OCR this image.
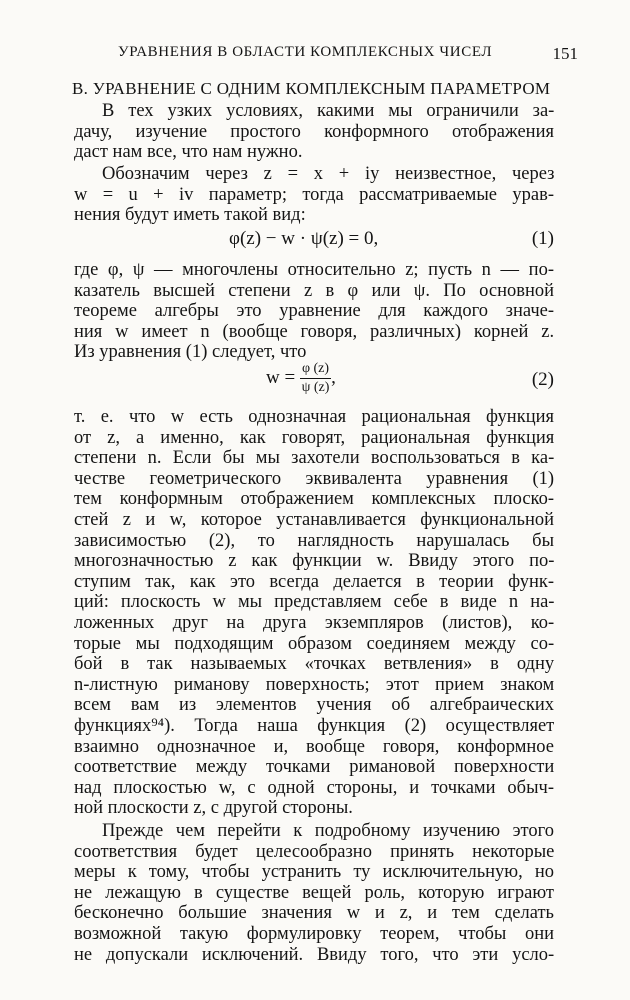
УРАВНЕНИЯ В ОБЛАСТИ КОМПЛЕКСНЫХ ЧИСЕЛ	151
B. УРАВНЕНИЕ С ОДНИМ КОМПЛЕКСНЫМ ПАРАМЕТРОМ
В тех узких условиях, какими мы ограничили за-
дачу, изучение простого конформного отображения
даст нам все, что нам нужно.
Обозначим через z = x + iy неизвестное, через
w = u + iv параметр; тогда рассматриваемые урав-
нения будут иметь такой вид:
φ(z) − w · ψ(z) = 0,	(1)
где φ, ψ — многочлены относительно z; пусть n — по-
казатель высшей степени z в φ или ψ. По основной
теореме алгебры это уравнение для каждого значе-
ния w имеет n (вообще говоря, различных) корней z.
Из уравнения (1) следует, что
$w = \frac{\varphi (z)}{\psi (z)}$ ,	(2)
т. е. что w есть однозначная рациональная функция
от z, а именно, как говорят, рациональная функция
степени n. Если бы мы захотели воспользоваться в ка-
честве геометрического эквивалента уравнения (1)
тем конформным отображением комплексных плоско-
стей z и w, которое устанавливается функциональной
зависимостью (2), то наглядность нарушалась бы
многозначностью z как функции w. Ввиду этого по-
ступим так, как это всегда делается в теории функ-
ций: плоскость w мы представляем себе в виде n на-
ложенных друг на друга экземпляров (листов), ко-
торые мы подходящим образом соединяем между со-
бой в так называемых «точках ветвления» в одну
n-листную риманову поверхность; этот прием знаком
всем вам из элементов учения об алгебраических
функциях⁹⁴). Тогда наша функция (2) осуществляет
взаимно однозначное и, вообще говоря, конформное
соответствие между точками римановой поверхности
над плоскостью w, с одной стороны, и точками обыч-
ной плоскости z, с другой стороны.
Прежде чем перейти к подробному изучению этого
соответствия будет целесообразно принять некоторые
меры к тому, чтобы устранить ту исключительную, но
не лежащую в существе вещей роль, которую играют
бесконечно большие значения w и z, и тем сделать
возможной такую формулировку теорем, чтобы они
не допускали исключений. Ввиду того, что эти усло-
